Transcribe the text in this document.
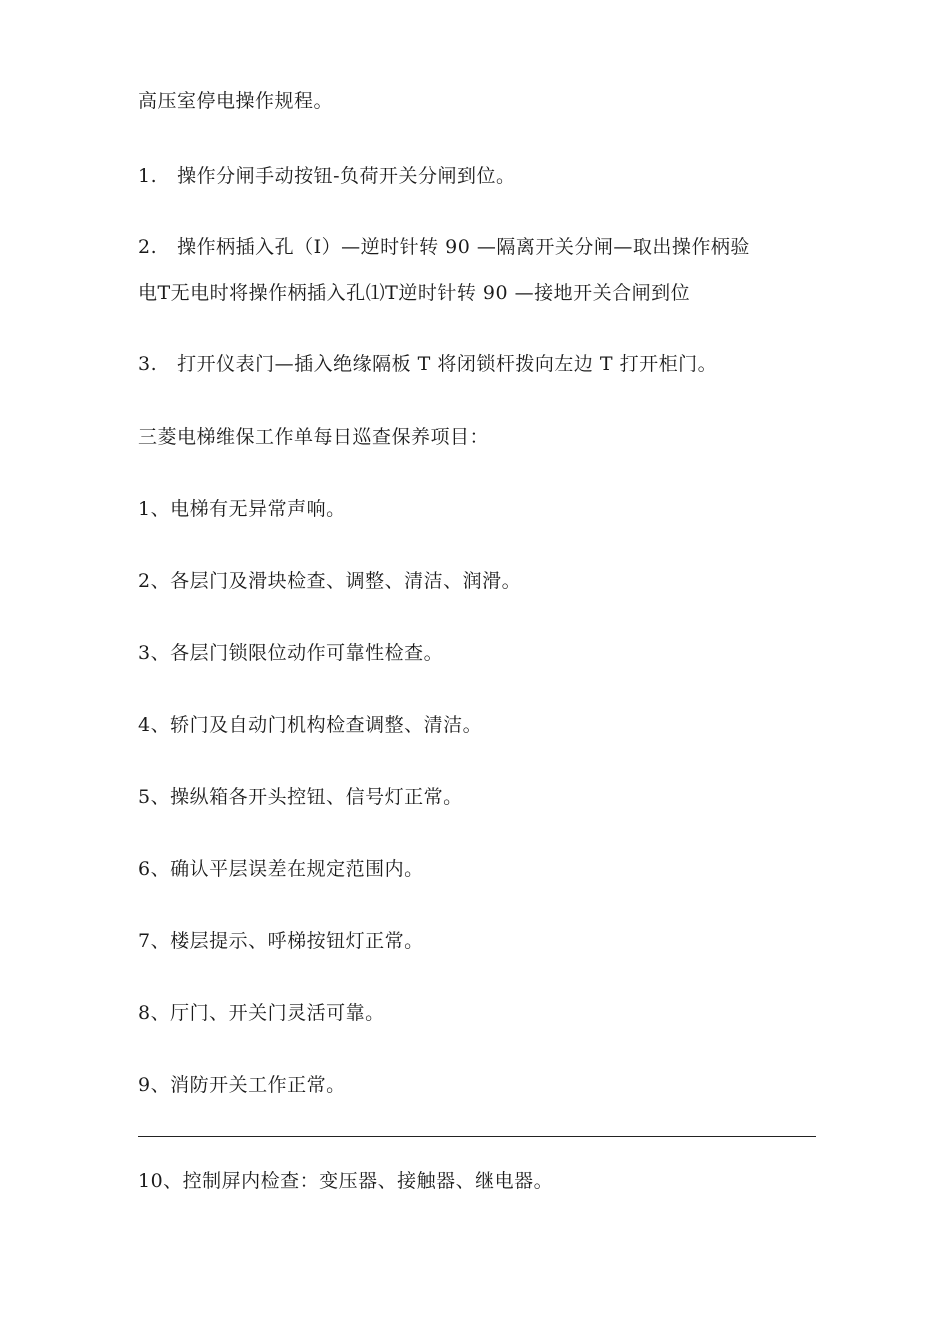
高压室停电操作规程。
1. 操作分闸手动按钮-负荷开关分闸到位。
2. 操作柄插入孔（I）—逆时针转 90 —隔离开关分闸—取出操作柄验
电T无电时将操作柄插入孔⑴T逆时针转 90 —接地开关合闸到位
3. 打开仪表门—插入绝缘隔板 T 将闭锁杆拨向左边 T 打开柜门。
三菱电梯维保工作单每日巡查保养项目：
1、电梯有无异常声响。
2、各层门及滑块检查、调整、清洁、润滑。
3、各层门锁限位动作可靠性检查。
4、轿门及自动门机构检查调整、清洁。
5、操纵箱各开头控钮、信号灯正常。
6、确认平层误差在规定范围内。
7、楼层提示、呼梯按钮灯正常。
8、厅门、开关门灵活可靠。
9、消防开关工作正常。
10、控制屏内检查：变压器、接触器、继电器。
